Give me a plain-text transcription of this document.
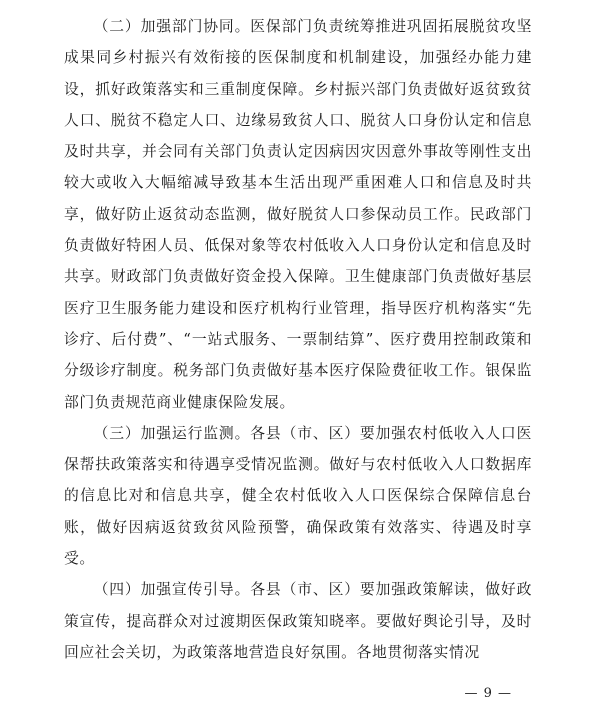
（二）加强部门协同。医保部门负责统筹推进巩固拓展脱贫攻坚成果同乡村振兴有效衔接的医保制度和机制建设，加强经办能力建设，抓好政策落实和三重制度保障。乡村振兴部门负责做好返贫致贫人口、脱贫不稳定人口、边缘易致贫人口、脱贫人口身份认定和信息及时共享，并会同有关部门负责认定因病因灾因意外事故等刚性支出较大或收入大幅缩减导致基本生活出现严重困难人口和信息及时共享，做好防止返贫动态监测，做好脱贫人口参保动员工作。民政部门负责做好特困人员、低保对象等农村低收入人口身份认定和信息及时共享。财政部门负责做好资金投入保障。卫生健康部门负责做好基层医疗卫生服务能力建设和医疗机构行业管理，指导医疗机构落实“先诊疗、后付费”、“一站式服务、一票制结算”、医疗费用控制政策和分级诊疗制度。税务部门负责做好基本医疗保险费征收工作。银保监部门负责规范商业健康保险发展。

（三）加强运行监测。各县（市、区）要加强农村低收入人口医保帮扶政策落实和待遇享受情况监测。做好与农村低收入人口数据库的信息比对和信息共享，健全农村低收入人口医保综合保障信息台账，做好因病返贫致贫风险预警，确保政策有效落实、待遇及时享受。

（四）加强宣传引导。各县（市、区）要加强政策解读，做好政策宣传，提高群众对过渡期医保政策知晓率。要做好舆论引导，及时回应社会关切，为政策落地营造良好氛围。各地贯彻落实情况

— 9 —
